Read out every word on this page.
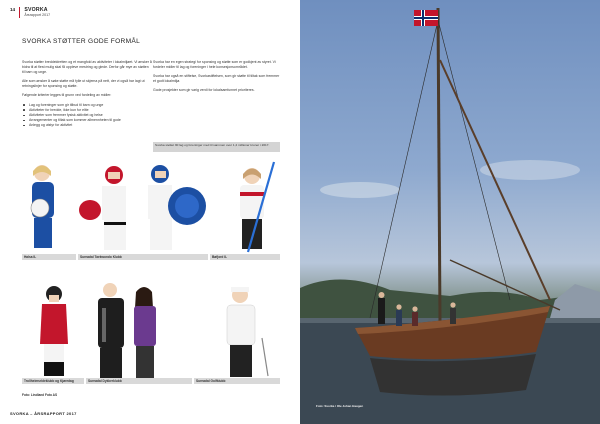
14 SVORKA
Årsrapport 2017
SVORKA STØTTER GODE FORMÅL

Svorka støtter breddeidretten og et mangfold av aktiviteter i lokalmiljøet. Vi ønsker å bidra til at flest mulig skal få oppleve mestring og glede. Derfor går mye av støtten til barn og unge.

Alle som ønsker å søke støtte må fylle ut skjema på nett, der vi også har lagt ut retningslinjer for sponsing og støtte.

Følgende kriterier legges til grunn ved fordeling av midler:

Lag og foreninger som gir tilbud til barn og unge
Aktiviteter for bredde, ikke kun for elite
Aktiviteter som fremmer fysisk aktivitet og helse
Arrangementer og tiltak som kommer allmennheten til gode
Anlegg og utstyr for aktivitet

Svorka har en egen strategi for sponsing og støtte som er godkjent av styret. Vi fordeler midler til lag og foreninger i hele konsesjonsområdet.

Svorka har også en stiftelse, Svorkastiftelsen, som gir støtte til tiltak som fremmer et godt lokalmiljø.

Gode prosjekter som gir varig verdi for lokalsamfunnet prioriteres.

Svorka støttet 90 lag og foreninger med til sammen over 1,2 millioner kroner i 2017.
Halsa IL	Surnadal Taekwondo Klubb	Bøfjord IL
Trollheimsrideklubb og Kjøredag	Surnadal Dykkerklubb	Surnadal Golfklubb
Foto: Lindland Foto AS
SVORKA – ÅRSRAPPORT 2017
Foto: Svorka / Ole Johan Haugen
